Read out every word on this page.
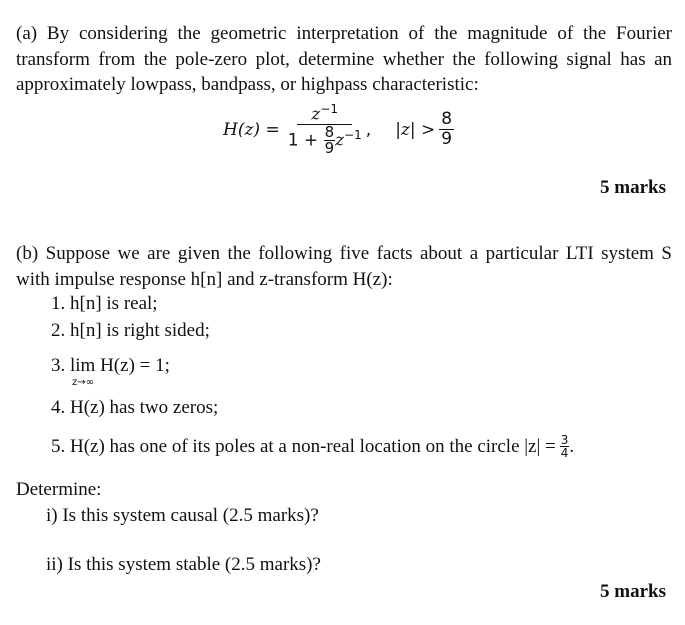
(a) By considering the geometric interpretation of the magnitude of the Fourier transform from the pole-zero plot, determine whether the following signal has an approximately lowpass, bandpass, or highpass characteristic:
$H(z) = \frac{z^{-1}}{1 + \frac{8}{9} z^{-1}}$ , $|z| > \frac{8}{9}$
5 marks
(b) Suppose we are given the following five facts about a particular LTI system S with impulse response h[n] and z-transform H(z):
1. h[n] is real;
2. h[n] is right sided;
3. lim H(z) = 1;
z→∞
4. H(z) has two zeros;
5. H(z) has one of its poles at a non-real location on the circle $|z| = \frac{3}{4}$ .
Determine:
i) Is this system causal (2.5 marks)?
ii) Is this system stable (2.5 marks)?
5 marks
